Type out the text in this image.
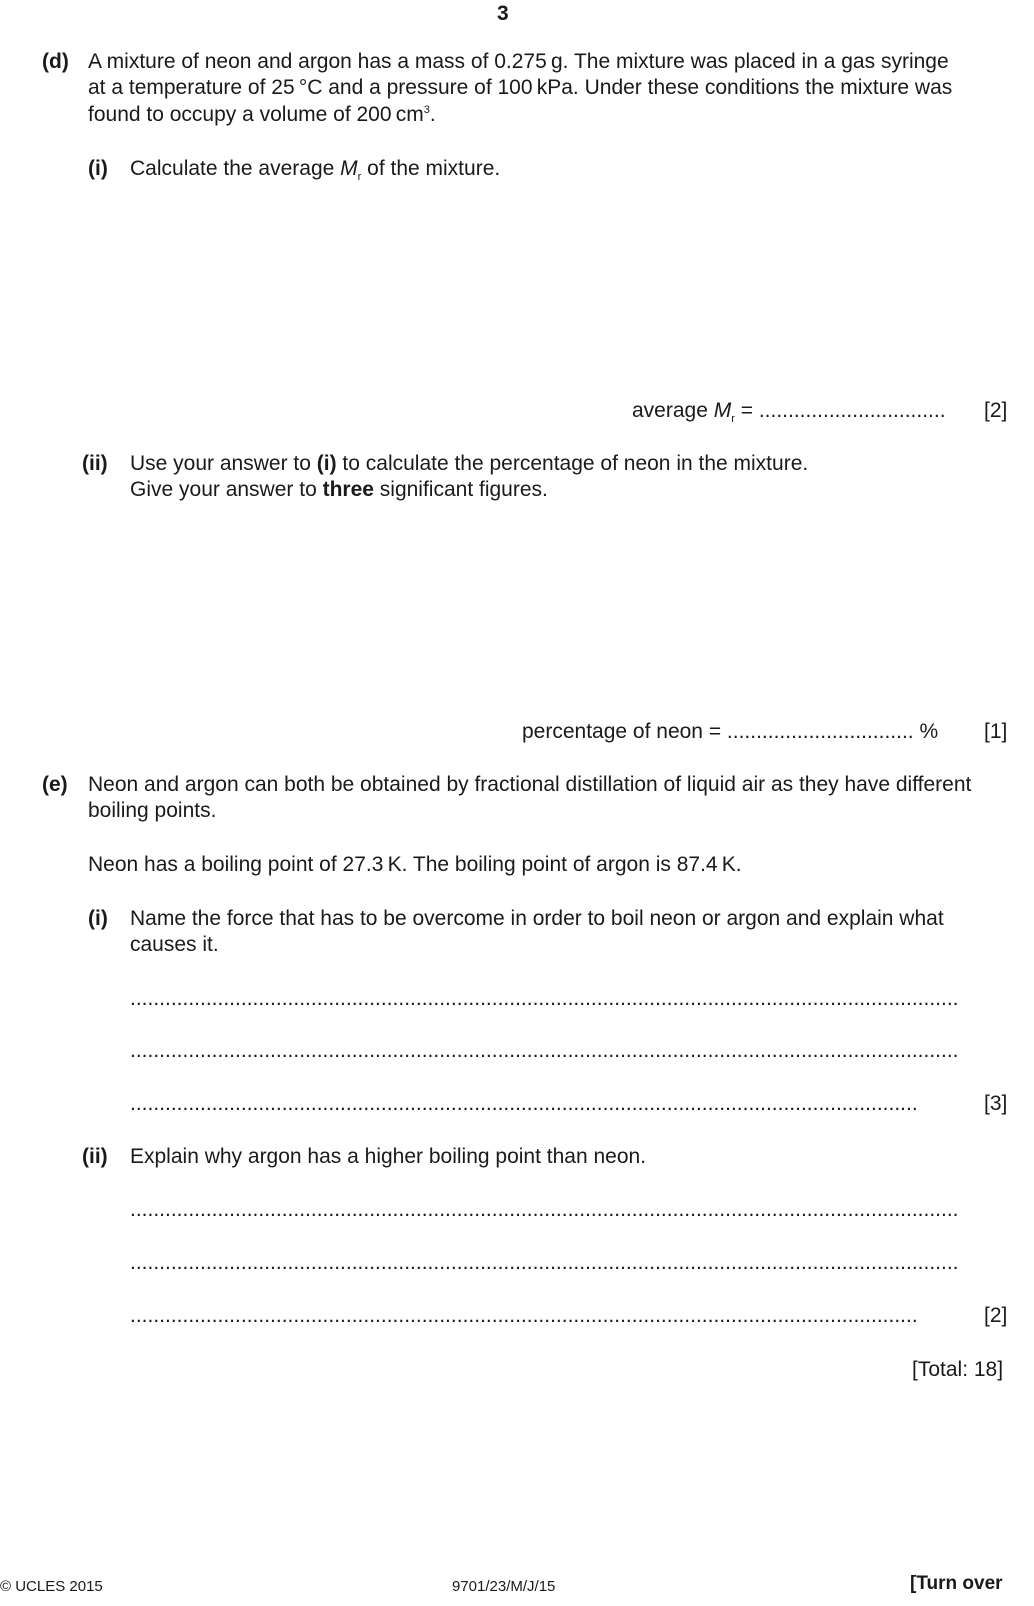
3
(d) A mixture of neon and argon has a mass of 0.275 g. The mixture was placed in a gas syringe
at a temperature of 25 °C and a pressure of 100 kPa. Under these conditions the mixture was
found to occupy a volume of 200 $cm^3$.
(i) Calculate the average $M_r$ of the mixture.
average $M_r$ = ................................ [2]
(ii) Use your answer to (i) to calculate the percentage of neon in the mixture.
Give your answer to three significant figures.
percentage of neon = ................................ % [1]
(e) Neon and argon can both be obtained by fractional distillation of liquid air as they have different
boiling points.
Neon has a boiling point of 27.3 K. The boiling point of argon is 87.4 K.
(i) Name the force that has to be overcome in order to boil neon or argon and explain what
causes it.
..............................................................................................................................................
..............................................................................................................................................
.......................................................................................................................................	[3]
(ii) Explain why argon has a higher boiling point than neon.
..............................................................................................................................................
..............................................................................................................................................
.......................................................................................................................................	[2]
[Total: 18]
© UCLES 2015	9701/23/M/J/15	[Turn over
